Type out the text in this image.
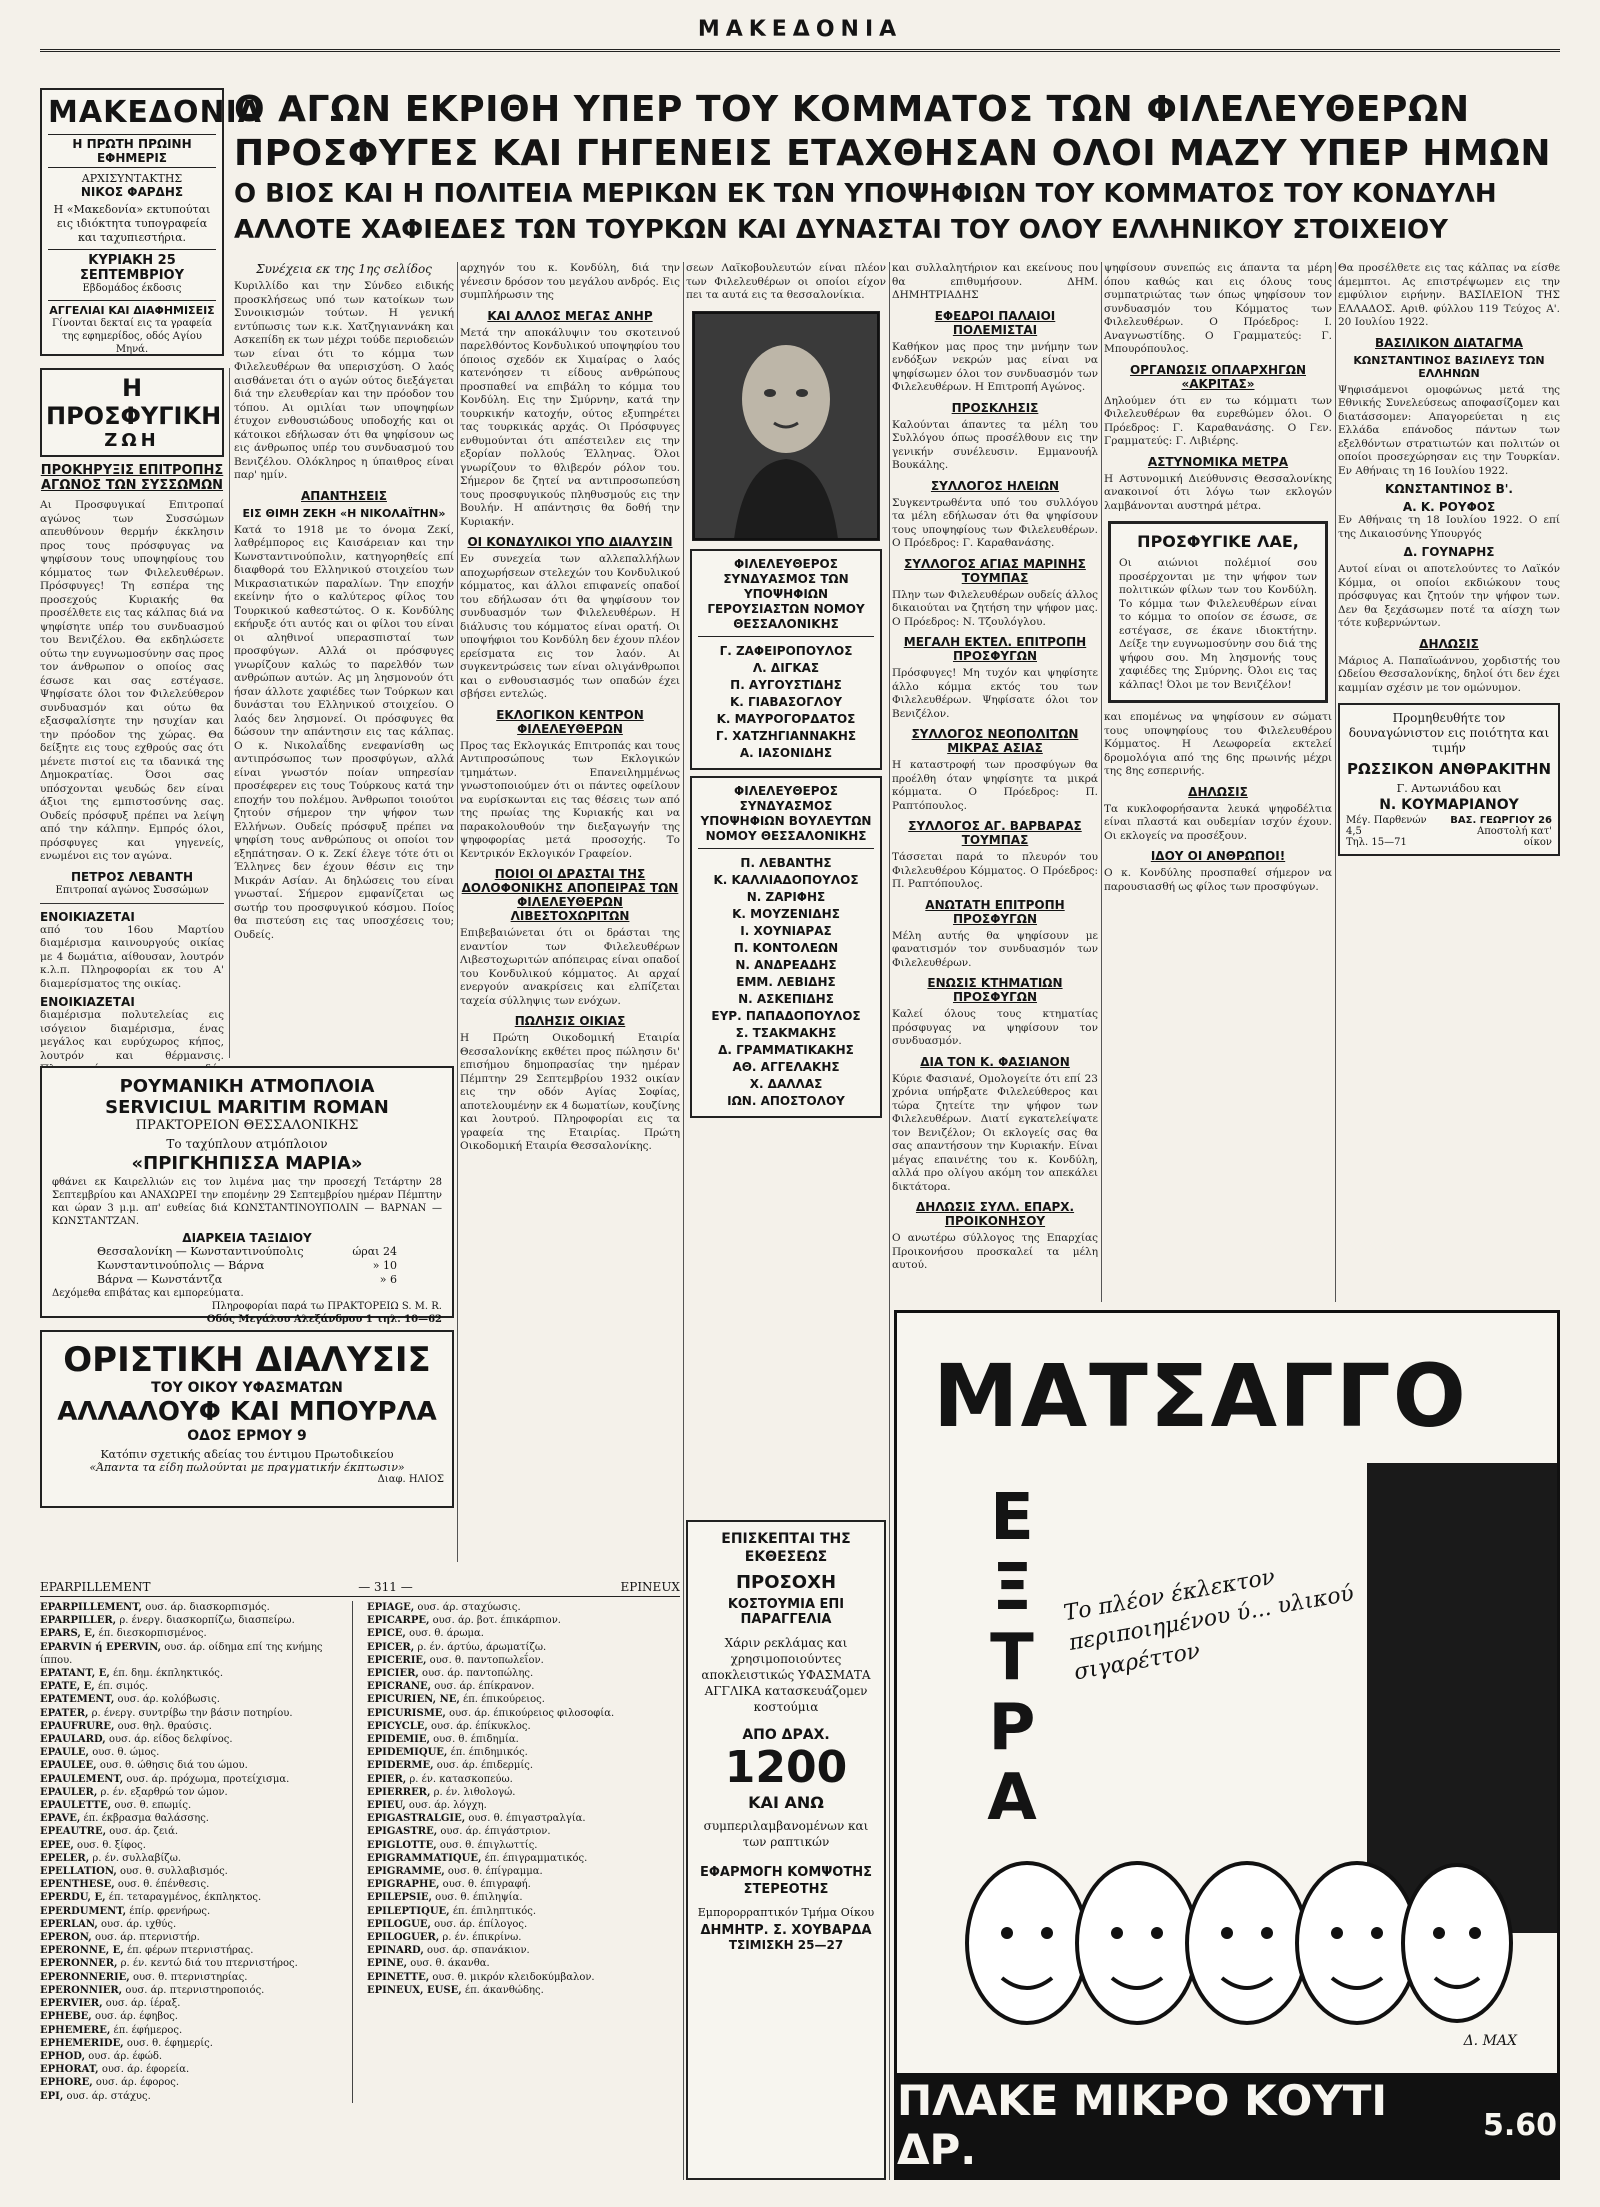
ΜΑΚΕΔΟΝΙΑ
ΜΑΚΕΔΟΝΙΑ
Η ΠΡΩΤΗ ΠΡΩΙΝΗ ΕΦΗΜΕΡΙΣ
ΑΡΧΙΣΥΝΤΑΚΤΗΣ
ΝΙΚΟΣ ΦΑΡΔΗΣ
Η «Μακεδονία» εκτυπούται εις ιδιόκτητα τυπογραφεία και ταχυπιεστήρια.
ΚΥΡΙΑΚΗ 25 ΣΕΠΤΕΜΒΡΙΟΥ
Εβδομάδος έκδοσις
ΑΓΓΕΛΙΑΙ ΚΑΙ ΔΙΑΦΗΜΙΣΕΙΣ
Γίνονται δεκταί εις τα γραφεία της εφημερίδος, οδός Αγίου Μηνά.
Ο ΑΓΩΝ ΕΚΡΙΘΗ ΥΠΕΡ ΤΟΥ ΚΟΜΜΑΤΟΣ ΤΩΝ ΦΙΛΕΛΕΥΘΕΡΩΝ
ΠΡΟΣΦΥΓΕΣ ΚΑΙ ΓΗΓΕΝΕΙΣ ΕΤΑΧΘΗΣΑΝ ΟΛΟΙ ΜΑΖΥ ΥΠΕΡ ΗΜΩΝ
Ο ΒΙΟΣ ΚΑΙ Η ΠΟΛΙΤΕΙΑ ΜΕΡΙΚΩΝ ΕΚ ΤΩΝ ΥΠΟΨΗΦΙΩΝ ΤΟΥ ΚΟΜΜΑΤΟΣ ΤΟΥ ΚΟΝΔΥΛΗ
ΑΛΛΟΤΕ ΧΑΦΙΕΔΕΣ ΤΩΝ ΤΟΥΡΚΩΝ ΚΑΙ ΔΥΝΑΣΤΑΙ ΤΟΥ ΟΛΟΥ ΕΛΛΗΝΙΚΟΥ ΣΤΟΙΧΕΙΟΥ
Η ΠΡΟΣΦΥΓΙΚΗ
ΖΩΗ
ΠΡΟΚΗΡΥΞΙΣ ΕΠΙΤΡΟΠΗΣ ΑΓΩΝΟΣ ΤΩΝ ΣΥΣΣΩΜΩΝ
Αι Προσφυγικαί Επιτροπαί αγώνος των Συσσώμων απευθύνουν θερμήν έκκλησιν προς τους πρόσφυγας να ψηφίσουν τους υποψηφίους του κόμματος των Φιλελευθέρων. Πρόσφυγες! Τη εσπέρα της προσεχούς Κυριακής θα προσέλθετε εις τας κάλπας διά να ψηφίσητε υπέρ του συνδυασμού του Βενιζέλου. Θα εκδηλώσετε ούτω την ευγνωμοσύνην σας προς τον άνθρωπον ο οποίος σας έσωσε και σας εστέγασε. Ψηφίσατε όλοι τον Φιλελεύθερον συνδυασμόν και ούτω θα εξασφαλίσητε την ησυχίαν και την πρόοδον της χώρας. Θα δείξητε εις τους εχθρούς σας ότι μένετε πιστοί εις τα ιδανικά της Δημοκρατίας. Όσοι σας υπόσχονται ψευδώς δεν είναι άξιοι της εμπιστοσύνης σας. Ουδείς πρόσφυξ πρέπει να λείψη από την κάλπην. Εμπρός όλοι, πρόσφυγες και γηγενείς, ενωμένοι εις τον αγώνα.
ΠΕΤΡΟΣ ΛΕΒΑΝΤΗ
Επιτροπαί αγώνος Συσσώμων
ΕΝΟΙΚΙΑΖΕΤΑΙ
από του 16ου Μαρτίου διαμέρισμα καινουργούς οικίας με 4 δωμάτια, αίθουσαν, λουτρόν κ.λ.π. Πληροφορίαι εκ του Α' διαμερίσματος της οικίας.
ΕΝΟΙΚΙΑΖΕΤΑΙ
διαμέρισμα πολυτελείας εις ισόγειον διαμέρισμα, ένας μεγάλος και ευρύχωρος κήπος, λουτρόν και θέρμανσις.
Συνέχεια εκ της 1ης σελίδος
Κυριλλίδο και την Σύνδεο ειδικής προσκλήσεως υπό των κατοίκων των Συνοικισμών τούτων. Η γενική εντύπωσις των κ.κ. Χατζηγιαννάκη και Ασκεπίδη εκ των μέχρι τούδε περιοδειών των είναι ότι το κόμμα των Φιλελευθέρων θα υπερισχύση. Ο λαός αισθάνεται ότι ο αγών ούτος διεξάγεται διά την ελευθερίαν και την πρόοδον του τόπου. Αι ομιλίαι των υποψηφίων έτυχον ενθουσιώδους υποδοχής και οι κάτοικοι εδήλωσαν ότι θα ψηφίσουν ως εις άνθρωπος υπέρ του συνδυασμού του Βενιζέλου. Ολόκληρος η ύπαιθρος είναι παρ' ημίν.
ΑΠΑΝΤΗΣΕΙΣ
ΕΙΣ ΘΙΜΗ ΖΕΚΗ «Η ΝΙΚΟΛΑΪΤΗΝ»
Κατά το 1918 με το όνομα Ζεκί, λαθρέμπορος εις Καισάρειαν και την Κωνσταντινούπολιν, κατηγορηθείς επί διαφθορά του Ελληνικού στοιχείου των Μικρασιατικών παραλίων. Την εποχήν εκείνην ήτο ο καλύτερος φίλος του Τουρκικού καθεστώτος. Ο κ. Κονδύλης εκήρυξε ότι αυτός και οι φίλοι του είναι οι αληθινοί υπερασπισταί των προσφύγων. Αλλά οι πρόσφυγες γνωρίζουν καλώς το παρελθόν των ανθρώπων αυτών. Ας μη λησμονούν ότι ήσαν άλλοτε χαφιέδες των Τούρκων και δυνάσται του Ελληνικού στοιχείου. Ο λαός δεν λησμονεί. Οι πρόσφυγες θα δώσουν την απάντησιν εις τας κάλπας. Ο κ. Νικολαΐδης ενεφανίσθη ως αντιπρόσωπος των προσφύγων, αλλά είναι γνωστόν ποίαν υπηρεσίαν προσέφερεν εις τους Τούρκους κατά την εποχήν του πολέμου. Άνθρωποι τοιούτοι ζητούν σήμερον την ψήφον των Ελλήνων. Ουδείς πρόσφυξ πρέπει να ψηφίση τους ανθρώπους οι οποίοι τον εξηπάτησαν. Ο κ. Ζεκί έλεγε τότε ότι οι Έλληνες δεν έχουν θέσιν εις την Μικράν Ασίαν. Αι δηλώσεις του είναι γνωσταί. Σήμερον εμφανίζεται ως σωτήρ του προσφυγικού κόσμου. Ποίος θα πιστεύση εις τας υποσχέσεις του; Ουδείς.
αρχηγόν του κ. Κονδύλη, διά την γένεσιν δρόσον του μεγάλου ανδρός. Εις συμπλήρωσιν της
ΚΑΙ ΑΛΛΟΣ ΜΕΓΑΣ ΑΝΗΡ
Μετά την αποκάλυψιν του σκοτεινού παρελθόντος Κονδυλικού υποψηφίου του όποιος σχεδόν εκ Χιμαίρας ο λαός κατενόησεν τι είδους ανθρώπους προσπαθεί να επιβάλη το κόμμα του Κονδύλη. Εις την Σμύρνην, κατά την τουρκικήν κατοχήν, ούτος εξυπηρέτει τας τουρκικάς αρχάς. Οι Πρόσφυγες ενθυμούνται ότι απέστειλεν εις την εξορίαν πολλούς Έλληνας. Όλοι γνωρίζουν το θλιβερόν ρόλον του. Σήμερον δε ζητεί να αντιπροσωπεύση τους προσφυγικούς πληθυσμούς εις την Βουλήν. Η απάντησις θα δοθή την Κυριακήν.
ΟΙ ΚΟΝΔΥΛΙΚΟΙ ΥΠΟ ΔΙΑΛΥΣΙΝ
Εν συνεχεία των αλλεπαλλήλων αποχωρήσεων στελεχών του Κονδυλικού κόμματος, και άλλοι επιφανείς οπαδοί του εδήλωσαν ότι θα ψηφίσουν τον συνδυασμόν των Φιλελευθέρων. Η διάλυσις του κόμματος είναι ορατή. Οι υποψήφιοι του Κονδύλη δεν έχουν πλέον ερείσματα εις τον λαόν. Αι συγκεντρώσεις των είναι ολιγάνθρωποι και ο ενθουσιασμός των οπαδών έχει σβήσει εντελώς.
ΕΚΛΟΓΙΚΟΝ ΚΕΝΤΡΟΝ ΦΙΛΕΛΕΥΘΕΡΩΝ
Προς τας Εκλογικάς Επιτροπάς και τους Αντιπροσώπους των Εκλογικών τμημάτων. Επανειλημμένως γνωστοποιούμεν ότι οι πάντες οφείλουν να ευρίσκωνται εις τας θέσεις των από της πρωίας της Κυριακής και να παρακολουθούν την διεξαγωγήν της ψηφοφορίας μετά προσοχής. Το Κεντρικόν Εκλογικόν Γραφείον.
ΠΟΙΟΙ ΟΙ ΔΡΑΣΤΑΙ ΤΗΣ ΔΟΛΟΦΟΝΙΚΗΣ ΑΠΟΠΕΙΡΑΣ ΤΩΝ ΦΙΛΕΛΕΥΘΕΡΩΝ ΛΙΒΕΣΤΟΧΩΡΙΤΩΝ
Επιβεβαιώνεται ότι οι δράσται της εναντίον των Φιλελευθέρων Λιβεστοχωριτών απόπειρας είναι οπαδοί του Κονδυλικού κόμματος. Αι αρχαί ενεργούν ανακρίσεις και ελπίζεται ταχεία σύλληψις των ενόχων.
ΠΩΛΗΣΙΣ ΟΙΚΙΑΣ
Η Πρώτη Οικοδομική Εταιρία Θεσσαλονίκης εκθέτει προς πώλησιν δι' επισήμου δημοπρασίας την ημέραν Πέμπτην 29 Σεπτεμβρίου 1932 οικίαν εις την οδόν Αγίας Σοφίας, αποτελουμένην εκ 4 δωματίων, κουζίνης και λουτρού. Πληροφορίαι εις τα γραφεία της Εταιρίας. Πρώτη Οικοδομική Εταιρία Θεσσαλονίκης.
σεων Λαϊκοβουλευτών είναι πλέον των Φιλελευθέρων οι οποίοι είχον πει τα αυτά εις τα θεσσαλονίκια.
ΦΙΛΕΛΕΥΘΕΡΟΣ ΣΥΝΔΥΑΣΜΟΣ ΤΩΝ ΥΠΟΨΗΦΙΩΝ ΓΕΡΟΥΣΙΑΣΤΩΝ ΝΟΜΟΥ ΘΕΣΣΑΛΟΝΙΚΗΣ
Γ. ΖΑΦΕΙΡΟΠΟΥΛΟΣ
Λ. ΔΙΓΚΑΣ
Π. ΑΥΓΟΥΣΤΙΔΗΣ
Κ. ΓΙΑΒΑΣΟΓΛΟΥ
Κ. ΜΑΥΡΟΓΟΡΔΑΤΟΣ
Γ. ΧΑΤΖΗΓΙΑΝΝΑΚΗΣ
Α. ΙΑΣΟΝΙΔΗΣ
ΦΙΛΕΛΕΥΘΕΡΟΣ ΣΥΝΔΥΑΣΜΟΣ ΥΠΟΨΗΦΙΩΝ ΒΟΥΛΕΥΤΩΝ ΝΟΜΟΥ ΘΕΣΣΑΛΟΝΙΚΗΣ
Π. ΛΕΒΑΝΤΗΣ
Κ. ΚΑΛΛΙΑΔΟΠΟΥΛΟΣ
Ν. ΖΑΡΙΦΗΣ
Κ. ΜΟΥΖΕΝΙΔΗΣ
Ι. ΧΟΥΝΙΑΡΑΣ
Π. ΚΟΝΤΟΛΕΩΝ
Ν. ΑΝΔΡΕΑΔΗΣ
ΕΜΜ. ΛΕΒΙΔΗΣ
Ν. ΑΣΚΕΠΙΔΗΣ
ΕΥΡ. ΠΑΠΑΔΟΠΟΥΛΟΣ
Σ. ΤΣΑΚΜΑΚΗΣ
Δ. ΓΡΑΜΜΑΤΙΚΑΚΗΣ
ΑΘ. ΑΓΓΕΛΑΚΗΣ
Χ. ΔΑΛΛΑΣ
ΙΩΝ. ΑΠΟΣΤΟΛΟΥ
και συλλαλητήριον και εκείνους που θα επιθυμήσουν. ΔΗΜ. ΔΗΜΗΤΡΙΑΔΗΣ
ΕΦΕΔΡΟΙ ΠΑΛΑΙΟΙ ΠΟΛΕΜΙΣΤΑΙ
Καθήκον μας προς την μνήμην των ενδόξων νεκρών μας είναι να ψηφίσωμεν όλοι τον συνδυασμόν των Φιλελευθέρων. Η Επιτροπή Αγώνος.
ΠΡΟΣΚΛΗΣΙΣ
Καλούνται άπαντες τα μέλη του Συλλόγου όπως προσέλθουν εις την γενικήν συνέλευσιν. Εμμανουήλ Βουκάλης.
ΣΥΛΛΟΓΟΣ ΗΛΕΙΩΝ
Συγκεντρωθέντα υπό του συλλόγου τα μέλη εδήλωσαν ότι θα ψηφίσουν τους υποψηφίους των Φιλελευθέρων. Ο Πρόεδρος: Γ. Καραθανάσης.
ΣΥΛΛΟΓΟΣ ΑΓΙΑΣ ΜΑΡΙΝΗΣ ΤΟΥΜΠΑΣ
Πλην των Φιλελευθέρων ουδείς άλλος δικαιούται να ζητήση την ψήφον μας. Ο Πρόεδρος: Ν. Τζουλόγλου.
ΜΕΓΑΛΗ ΕΚΤΕΛ. ΕΠΙΤΡΟΠΗ ΠΡΟΣΦΥΓΩΝ
Πρόσφυγες! Μη τυχόν και ψηφίσητε άλλο κόμμα εκτός του των Φιλελευθέρων. Ψηφίσατε όλοι τον Βενιζέλον.
ΣΥΛΛΟΓΟΣ ΝΕΟΠΟΛΙΤΩΝ ΜΙΚΡΑΣ ΑΣΙΑΣ
Η καταστροφή των προσφύγων θα προέλθη όταν ψηφίσητε τα μικρά κόμματα. Ο Πρόεδρος: Π. Ραπτόπουλος.
ΣΥΛΛΟΓΟΣ ΑΓ. ΒΑΡΒΑΡΑΣ ΤΟΥΜΠΑΣ
Τάσσεται παρά το πλευρόν του Φιλελευθέρου Κόμματος. Ο Πρόεδρος: Π. Ραπτόπουλος.
ΑΝΩΤΑΤΗ ΕΠΙΤΡΟΠΗ ΠΡΟΣΦΥΓΩΝ
Μέλη αυτής θα ψηφίσουν με φανατισμόν τον συνδυασμόν των Φιλελευθέρων.
ΕΝΩΣΙΣ ΚΤΗΜΑΤΙΩΝ ΠΡΟΣΦΥΓΩΝ
Καλεί όλους τους κτηματίας πρόσφυγας να ψηφίσουν τον συνδυασμόν.
ΔΙΑ ΤΟΝ Κ. ΦΑΣΙΑΝΟΝ
Κύριε Φασιανέ, Ομολογείτε ότι επί 23 χρόνια υπήρξατε Φιλελεύθερος και τώρα ζητείτε την ψήφον των Φιλελευθέρων. Διατί εγκατελείψατε τον Βενιζέλον; Οι εκλογείς σας θα σας απαντήσουν την Κυριακήν. Είναι μέγας επαινέτης του κ. Κονδύλη, αλλά προ ολίγου ακόμη τον απεκάλει δικτάτορα.
ΔΗΛΩΣΙΣ ΣΥΛΛ. ΕΠΑΡΧ. ΠΡΟΙΚΟΝΗΣΟΥ
Ο ανωτέρω σύλλογος της Επαρχίας Προικονήσου προσκαλεί τα μέλη αυτού.
ψηφίσουν συνεπώς εις άπαντα τα μέρη όπου καθώς και εις όλους τους συμπατριώτας των όπως ψηφίσουν τον συνδυασμόν του Κόμματος των Φιλελευθέρων. Ο Πρόεδρος: Ι. Αναγνωστίδης. Ο Γραμματεύς: Γ. Μπουρόπουλος.
ΟΡΓΑΝΩΣΙΣ ΟΠΛΑΡΧΗΓΩΝ «ΑΚΡΙΤΑΣ»
Δηλούμεν ότι εν τω κόμματι των Φιλελευθέρων θα ευρεθώμεν όλοι. Ο Πρόεδρος: Γ. Καραθανάσης. Ο Γεν. Γραμματεύς: Γ. Λιβιέρης.
ΑΣΤΥΝΟΜΙΚΑ ΜΕΤΡΑ
Η Αστυνομική Διεύθυνσις Θεσσαλονίκης ανακοινοί ότι λόγω των εκλογών λαμβάνονται αυστηρά μέτρα.
ΠΡΟΣΦΥΓΙΚΕ ΛΑΕ,
Οι αιώνιοι πολέμιοί σου προσέρχονται με την ψήφον των πολιτικών φίλων των του Κονδύλη. Το κόμμα των Φιλελευθέρων είναι το κόμμα το οποίον σε έσωσε, σε εστέγασε, σε έκανε ιδιοκτήτην. Δείξε την ευγνωμοσύνην σου διά της ψήφου σου. Μη λησμονής τους χαφιέδες της Σμύρνης. Όλοι εις τας κάλπας! Όλοι με τον Βενιζέλον!
και επομένως να ψηφίσουν εν σώματι τους υποψηφίους του Φιλελευθέρου Κόμματος. Η Λεωφορεία εκτελεί δρομολόγια από της 6ης πρωινής μέχρι της 8ης εσπερινής.
ΔΗΛΩΣΙΣ
Τα κυκλοφορήσαντα λευκά ψηφοδέλτια είναι πλαστά και ουδεμίαν ισχύν έχουν. Οι εκλογείς να προσέξουν.
ΙΔΟΥ ΟΙ ΑΝΘΡΩΠΟΙ!
Ο κ. Κονδύλης προσπαθεί σήμερον να παρουσιασθή ως φίλος των προσφύγων.
Θα προσέλθετε εις τας κάλπας να είσθε άμεμπτοι. Ας επιστρέψωμεν εις την εμφύλιον ειρήνην. ΒΑΣΙΛΕΙΟΝ ΤΗΣ ΕΛΛΑΔΟΣ. Αριθ. φύλλου 119 Τεύχος Α'. 20 Ιουλίου 1922.
ΒΑΣΙΛΙΚΟΝ ΔΙΑΤΑΓΜΑ
ΚΩΝΣΤΑΝΤΙΝΟΣ ΒΑΣΙΛΕΥΣ ΤΩΝ ΕΛΛΗΝΩΝ
Ψηφισάμενοι ομοφώνως μετά της Εθνικής Συνελεύσεως αποφασίζομεν και διατάσσομεν: Απαγορεύεται η εις Ελλάδα επάνοδος πάντων των εξελθόντων στρατιωτών και πολιτών οι οποίοι προσεχώρησαν εις την Τουρκίαν. Εν Αθήναις τη 16 Ιουλίου 1922.
ΚΩΝΣΤΑΝΤΙΝΟΣ Β'.
Α. Κ. ΡΟΥΦΟΣ
Εν Αθήναις τη 18 Ιουλίου 1922. Ο επί της Δικαιοσύνης Υπουργός
Δ. ΓΟΥΝΑΡΗΣ
Αυτοί είναι οι αποτελούντες το Λαϊκόν Κόμμα, οι οποίοι εκδιώκουν τους πρόσφυγας και ζητούν την ψήφον των. Δεν θα ξεχάσωμεν ποτέ τα αίσχη των τότε κυβερνώντων.
ΔΗΛΩΣΙΣ
Μάριος Α. Παπαϊωάννου, χορδιστής του Ωδείου Θεσσαλονίκης, δηλοί ότι δεν έχει καμμίαν σχέσιν με τον ομώνυμον.
Προμηθευθήτε τον δουναγώνιστον εις ποιότητα και τιμήν
ΡΩΣΣΙΚΟΝ ΑΝΘΡΑΚΙΤΗΝ
Γ. Αντωνιάδου και
Ν. ΚΟΥΜΑΡΙΑΝΟΥ
Μέγ. Παρθενών 4,5
Τηλ. 15—71
ΒΑΣ. ΓΕΩΡΓΙΟΥ 26
Αποστολή κατ' οίκον
ΡΟΥΜΑΝΙΚΗ ΑΤΜΟΠΛΟΙΑ
SERVICIUL MARITIM ROMAN
ΠΡΑΚΤΟΡΕΙΟΝ ΘΕΣΣΑΛΟΝΙΚΗΣ
Το ταχύπλουν ατμόπλοιον
«ΠΡΙΓΚΗΠΙΣΣΑ ΜΑΡΙΑ»
φθάνει εκ Καιρελλιών εις τον λιμένα μας την προσεχή Τετάρτην 28 Σεπτεμβρίου και ΑΝΑΧΩΡΕΙ την επομένην 29 Σεπτεμβρίου ημέραν Πέμπτην και ώραν 3 μ.μ. απ' ευθείας διά ΚΩΝΣΤΑΝΤΙΝΟΥΠΟΛΙΝ — ΒΑΡΝΑΝ — ΚΩΝΣΤΑΝΤΖΑΝ.
ΔΙΑΡΚΕΙΑ ΤΑΞΙΔΙΟΥ
Θεσσαλονίκη — Κωνσταντινούπολις	ώραι 24
Κωνσταντινούπολις — Βάρνα	» 10
Βάρνα — Κωνστάντζα	» 6
Δεχόμεθα επιβάτας και εμπορεύματα.
Πληροφορίαι παρά τω ΠΡΑΚΤΟΡΕΙΩ S. M. R.
Οδός Μεγάλου Αλεξάνδρου 1 τηλ. 10—62
ΟΡΙΣΤΙΚΗ ΔΙΑΛΥΣΙΣ
ΤΟΥ ΟΙΚΟΥ ΥΦΑΣΜΑΤΩΝ
ΑΛΛΑΛΟΥΦ ΚΑΙ ΜΠΟΥΡΛΑ
ΟΔΟΣ ΕΡΜΟΥ 9
Κατόπιν σχετικής αδείας του έντιμου Πρωτοδικείου
«Άπαντα τα είδη πωλούνται με πραγματικήν έκπτωσιν»
Διαφ. ΗΛΙΟΣ
EPARPILLEMENT	— 311 —	EPINEUX
EPARPILLEMENT, ουσ. άρ. διασκορπισμός.
EPARPILLER, ρ. ένεργ. διασκορπίζω, διασπείρω.
EPARS, E, έπ. διεσκορπισμένος.
EPARVIN ή EPERVIN, ουσ. άρ. οίδημα επί της κνήμης ίππου.
EPATANT, E, έπ. δημ. έκπληκτικός.
EPATE, E, έπ. σιμός.
EPATEMENT, ουσ. άρ. κολόβωσις.
EPATER, ρ. ένεργ. συντρίβω την βάσιν ποτηρίου.
EPAUFRURE, ουσ. θηλ. θραύσις.
EPAULARD, ουσ. άρ. είδος δελφίνος.
EPAULE, ουσ. θ. ώμος.
EPAULEE, ουσ. θ. ώθησις διά του ώμου.
EPAULEMENT, ουσ. άρ. πρόχωμα, προτείχισμα.
EPAULER, ρ. έν. εξαρθρώ τον ώμον.
EPAULETTE, ουσ. θ. επωμίς.
EPAVE, έπ. έκβρασμα θαλάσσης.
EPEAUTRE, ουσ. άρ. ζειά.
EPEE, ουσ. θ. ξίφος.
EPELER, ρ. έν. συλλαβίζω.
EPELLATION, ουσ. θ. συλλαβισμός.
EPENTHESE, ουσ. θ. έπένθεσις.
EPERDU, E, έπ. τεταραγμένος, έκπληκτος.
EPERDUMENT, έπίρ. φρενήρως.
EPERLAN, ουσ. άρ. ιχθύς.
EPERON, ουσ. άρ. πτερνιστήρ.
EPERONNE, E, έπ. φέρων πτερνιστήρας.
EPERONNER, ρ. έν. κεντώ διά του πτερνιστήρος.
EPERONNERIE, ουσ. θ. πτερνιστηρίας.
EPERONNIER, ουσ. άρ. πτερνιστηροποιός.
EPERVIER, ουσ. άρ. ίέραξ.
EPHEBE, ουσ. άρ. έφηβος.
EPHEMERE, έπ. έφήμερος.
EPHEMERIDE, ουσ. θ. έφημερίς.
EPHOD, ουσ. άρ. έφώδ.
EPHORAT, ουσ. άρ. έφορεία.
EPHORE, ουσ. άρ. έφορος.
EPI, ουσ. άρ. στάχυς.
EPIAGE, ουσ. άρ. σταχύωσις.
EPICARPE, ουσ. άρ. βοτ. έπικάρπιον.
EPICE, ουσ. θ. άρωμα.
EPICER, ρ. έν. άρτύω, άρωματίζω.
EPICERIE, ουσ. θ. παντοπωλεΐον.
EPICIER, ουσ. άρ. παντοπώλης.
EPICRANE, ουσ. άρ. έπίκρανον.
EPICURIEN, NE, έπ. έπικούρειος.
EPICURISME, ουσ. άρ. έπικούρειος φιλοσοφία.
EPICYCLE, ουσ. άρ. έπίκυκλος.
EPIDEMIE, ουσ. θ. έπιδημία.
EPIDEMIQUE, έπ. έπιδημικός.
EPIDERME, ουσ. άρ. έπιδερμίς.
EPIER, ρ. έν. κατασκοπεύω.
EPIERRER, ρ. έν. λιθολογώ.
EPIEU, ουσ. άρ. λόγχη.
EPIGASTRALGIE, ουσ. θ. έπιγαστραλγία.
EPIGASTRE, ουσ. άρ. έπιγάστριον.
EPIGLOTTE, ουσ. θ. έπιγλωττίς.
EPIGRAMMATIQUE, έπ. έπιγραμματικός.
EPIGRAMME, ουσ. θ. έπίγραμμα.
EPIGRAPHE, ουσ. θ. έπιγραφή.
EPILEPSIE, ουσ. θ. έπιληψία.
EPILEPTIQUE, έπ. έπιληπτικός.
EPILOGUE, ουσ. άρ. έπίλογος.
EPILOGUER, ρ. έν. έπικρίνω.
EPINARD, ουσ. άρ. σπανάκιον.
EPINE, ουσ. θ. άκανθα.
EPINETTE, ουσ. θ. μικρόν κλειδοκύμβαλον.
EPINEUX, EUSE, έπ. άκανθώδης.
ΕΠΙΣΚΕΠΤΑΙ ΤΗΣ ΕΚΘΕΣΕΩΣ
ΠΡΟΣΟΧΗ
ΚΟΣΤΟΥΜΙΑ ΕΠΙ ΠΑΡΑΓΓΕΛΙΑ
Χάριν ρεκλάμας και χρησιμοποιούντες αποκλειστικώς ΥΦΑΣΜΑΤΑ ΑΓΓΛΙΚΑ κατασκευάζομεν κοστούμια
ΑΠΟ ΔΡΑΧ.
1200
ΚΑΙ ΑΝΩ
συμπεριλαμβανομένων και των ραπτικών
ΕΦΑΡΜΟΓΗ ΚΟΜΨΟΤΗΣ ΣΤΕΡΕΟΤΗΣ
Εμπορορραπτικόν Τμήμα Οίκου
ΔΗΜΗΤΡ. Σ. ΧΟΥΒΑΡΔΑ
ΤΣΙΜΙΣΚΗ 25—27
ΜΑΤΣΑΓΓΟ
Ε
Ξ
Τ
Ρ
Α
Το πλέον έκλεκτον περιποιημένου ύ... υλικού σιγαρέττον
Δ. ΜΑΧ
ΠΛΑΚΕ ΜΙΚΡΟ ΚΟΥΤΙ ΔΡ.	5.60
